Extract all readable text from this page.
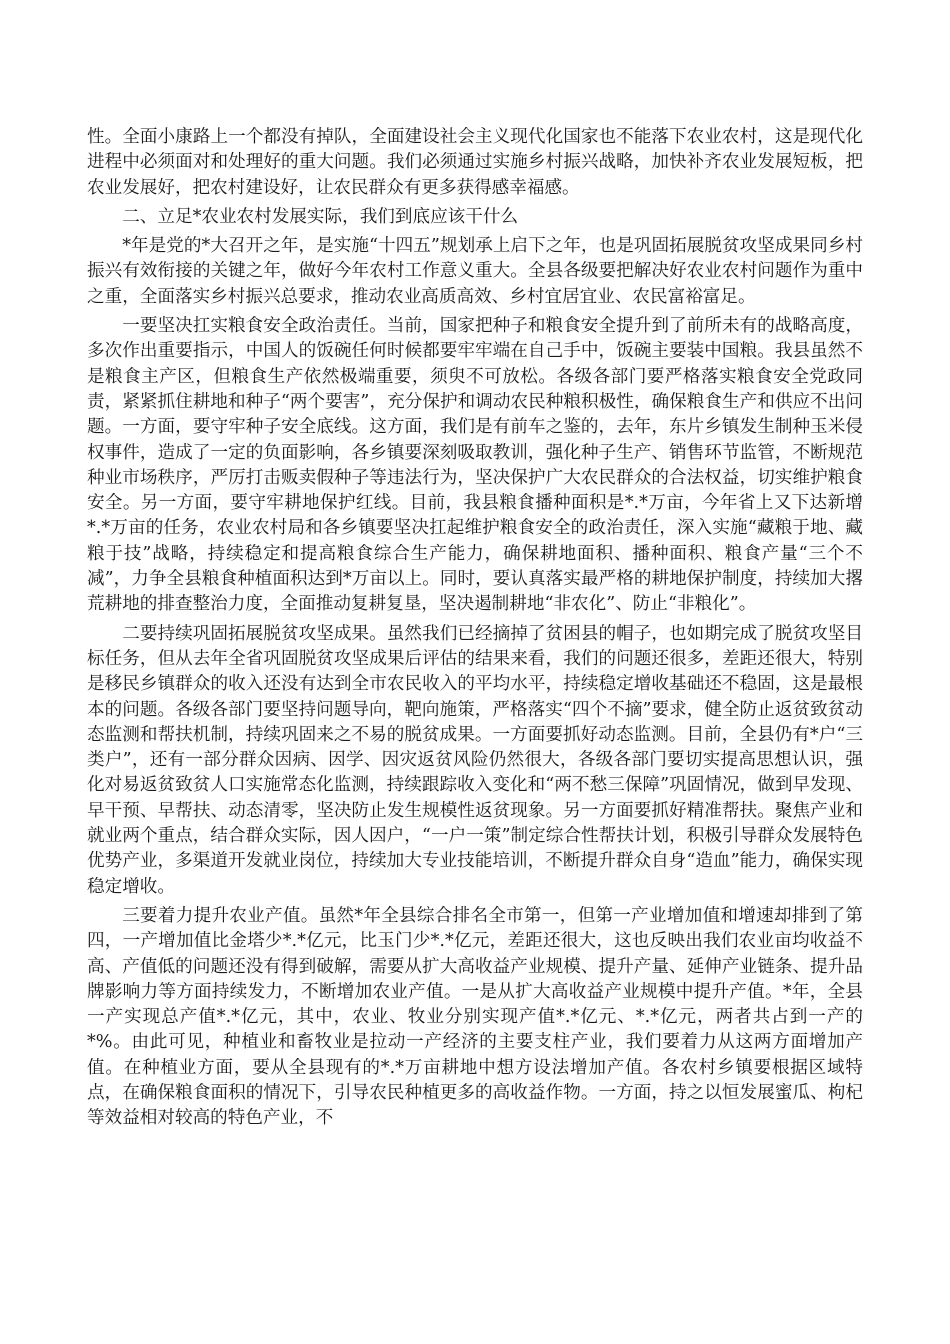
性。全面小康路上一个都没有掉队，全面建设社会主义现代化国家也不能落下农业农村，这是现代化进程中必须面对和处理好的重大问题。我们必须通过实施乡村振兴战略，加快补齐农业发展短板，把农业发展好，把农村建设好，让农民群众有更多获得感幸福感。

二、立足*农业农村发展实际，我们到底应该干什么

*年是党的*大召开之年，是实施“十四五”规划承上启下之年，也是巩固拓展脱贫攻坚成果同乡村振兴有效衔接的关键之年，做好今年农村工作意义重大。全县各级要把解决好农业农村问题作为重中之重，全面落实乡村振兴总要求，推动农业高质高效、乡村宜居宜业、农民富裕富足。

一要坚决扛实粮食安全政治责任。当前，国家把种子和粮食安全提升到了前所未有的战略高度，多次作出重要指示，中国人的饭碗任何时候都要牢牢端在自己手中，饭碗主要装中国粮。我县虽然不是粮食主产区，但粮食生产依然极端重要，须臾不可放松。各级各部门要严格落实粮食安全党政同责，紧紧抓住耕地和种子“两个要害”，充分保护和调动农民种粮积极性，确保粮食生产和供应不出问题。一方面，要守牢种子安全底线。这方面，我们是有前车之鉴的，去年，东片乡镇发生制种玉米侵权事件，造成了一定的负面影响，各乡镇要深刻吸取教训，强化种子生产、销售环节监管，不断规范种业市场秩序，严厉打击贩卖假种子等违法行为，坚决保护广大农民群众的合法权益，切实维护粮食安全。另一方面，要守牢耕地保护红线。目前，我县粮食播种面积是*.*万亩，今年省上又下达新增*.*万亩的任务，农业农村局和各乡镇要坚决扛起维护粮食安全的政治责任，深入实施“藏粮于地、藏粮于技”战略，持续稳定和提高粮食综合生产能力，确保耕地面积、播种面积、粮食产量“三个不减”，力争全县粮食种植面积达到*万亩以上。同时，要认真落实最严格的耕地保护制度，持续加大撂荒耕地的排查整治力度，全面推动复耕复垦，坚决遏制耕地“非农化”、防止“非粮化”。

二要持续巩固拓展脱贫攻坚成果。虽然我们已经摘掉了贫困县的帽子，也如期完成了脱贫攻坚目标任务，但从去年全省巩固脱贫攻坚成果后评估的结果来看，我们的问题还很多，差距还很大，特别是移民乡镇群众的收入还没有达到全市农民收入的平均水平，持续稳定增收基础还不稳固，这是最根本的问题。各级各部门要坚持问题导向，靶向施策，严格落实“四个不摘”要求，健全防止返贫致贫动态监测和帮扶机制，持续巩固来之不易的脱贫成果。一方面要抓好动态监测。目前，全县仍有*户“三类户”，还有一部分群众因病、因学、因灾返贫风险仍然很大，各级各部门要切实提高思想认识，强化对易返贫致贫人口实施常态化监测，持续跟踪收入变化和“两不愁三保障”巩固情况，做到早发现、早干预、早帮扶、动态清零，坚决防止发生规模性返贫现象。另一方面要抓好精准帮扶。聚焦产业和就业两个重点，结合群众实际，因人因户，“一户一策”制定综合性帮扶计划，积极引导群众发展特色优势产业，多渠道开发就业岗位，持续加大专业技能培训，不断提升群众自身“造血”能力，确保实现稳定增收。

三要着力提升农业产值。虽然*年全县综合排名全市第一，但第一产业增加值和增速却排到了第四，一产增加值比金塔少*.*亿元，比玉门少*.*亿元，差距还很大，这也反映出我们农业亩均收益不高、产值低的问题还没有得到破解，需要从扩大高收益产业规模、提升产量、延伸产业链条、提升品牌影响力等方面持续发力，不断增加农业产值。一是从扩大高收益产业规模中提升产值。*年，全县一产实现总产值*.*亿元，其中，农业、牧业分别实现产值*.*亿元、*.*亿元，两者共占到一产的*%。由此可见，种植业和畜牧业是拉动一产经济的主要支柱产业，我们要着力从这两方面增加产值。在种植业方面，要从全县现有的*.*万亩耕地中想方设法增加产值。各农村乡镇要根据区域特点，在确保粮食面积的情况下，引导农民种植更多的高收益作物。一方面，持之以恒发展蜜瓜、枸杞等效益相对较高的特色产业，不
